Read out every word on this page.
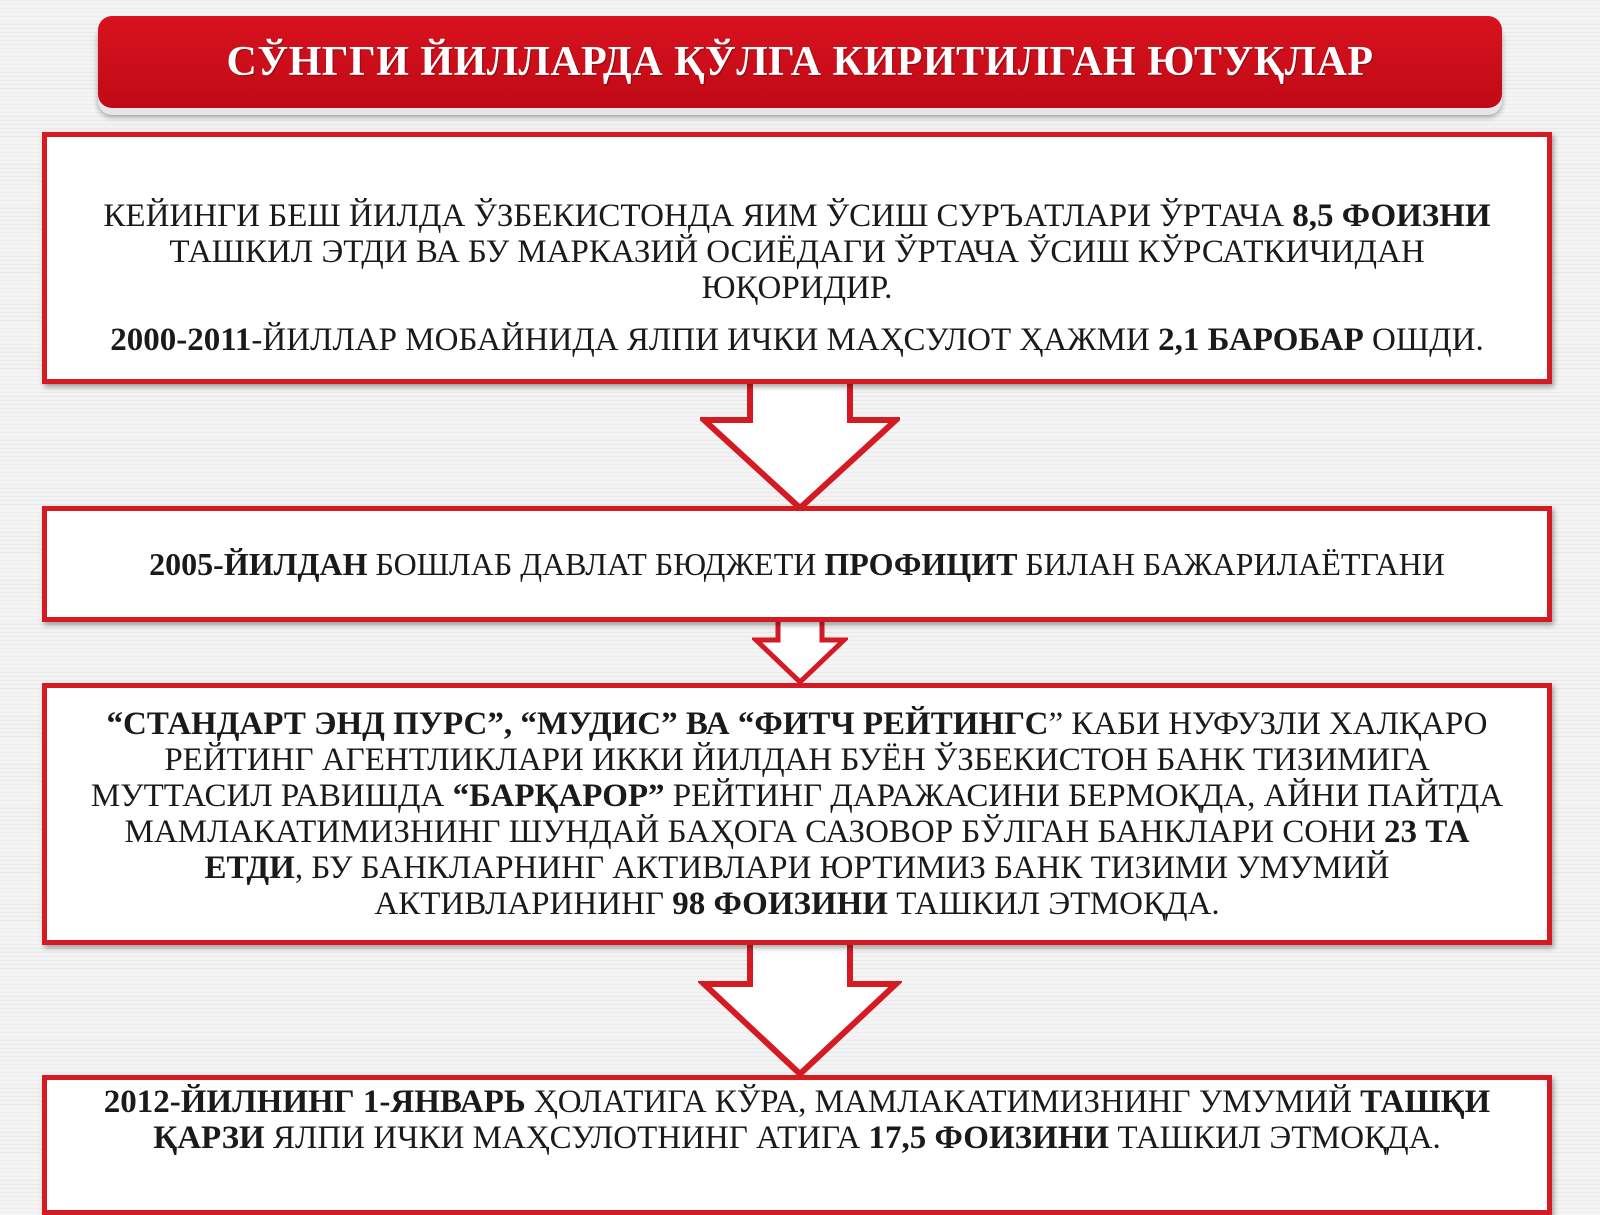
СЎНГГИ ЙИЛЛАРДА ҚЎЛГА КИРИТИЛГАН ЮТУҚЛАР

КЕЙИНГИ БЕШ ЙИЛДА ЎЗБЕКИСТОНДА ЯИМ ЎСИШ СУРЪАТЛАРИ ЎРТАЧА 8,5 ФОИЗНИ ТАШКИЛ ЭТДИ ВА БУ МАРКАЗИЙ ОСИЁДАГИ ЎРТАЧА ЎСИШ КЎРСАТКИЧИДАН ЮҚОРИДИР.

2000-2011-ЙИЛЛАР МОБАЙНИДА ЯЛПИ ИЧКИ МАҲСУЛОТ ҲАЖМИ 2,1 БАРОБАР ОШДИ.

2005-ЙИЛДАН БОШЛАБ ДАВЛАТ БЮДЖЕТИ ПРОФИЦИТ БИЛАН БАЖАРИЛАЁТГАНИ

“СТАНДАРТ ЭНД ПУРС”, “МУДИС” ВА “ФИТЧ РЕЙТИНГС” КАБИ НУФУЗЛИ ХАЛҚАРО РЕЙТИНГ АГЕНТЛИКЛАРИ ИККИ ЙИЛДАН БУЁН ЎЗБЕКИСТОН БАНК ТИЗИМИГА МУТТАСИЛ РАВИШДА “БАРҚАРОР” РЕЙТИНГ ДАРАЖАСИНИ БЕРМОҚДА, АЙНИ ПАЙТДА МАМЛАКАТИМИЗНИНГ ШУНДАЙ БАҲОГА САЗОВОР БЎЛГАН БАНКЛАРИ СОНИ 23 ТА ЕТДИ, БУ БАНКЛАРНИНГ АКТИВЛАРИ ЮРТИМИЗ БАНК ТИЗИМИ УМУМИЙ АКТИВЛАРИНИНГ 98 ФОИЗИНИ ТАШКИЛ ЭТМОҚДА.

2012-ЙИЛНИНГ 1-ЯНВАРЬ ҲОЛАТИГА КЎРА, МАМЛАКАТИМИЗНИНГ УМУМИЙ ТАШҚИ ҚАРЗИ ЯЛПИ ИЧКИ МАҲСУЛОТНИНГ АТИГА 17,5 ФОИЗИНИ ТАШКИЛ ЭТМОҚДА.
